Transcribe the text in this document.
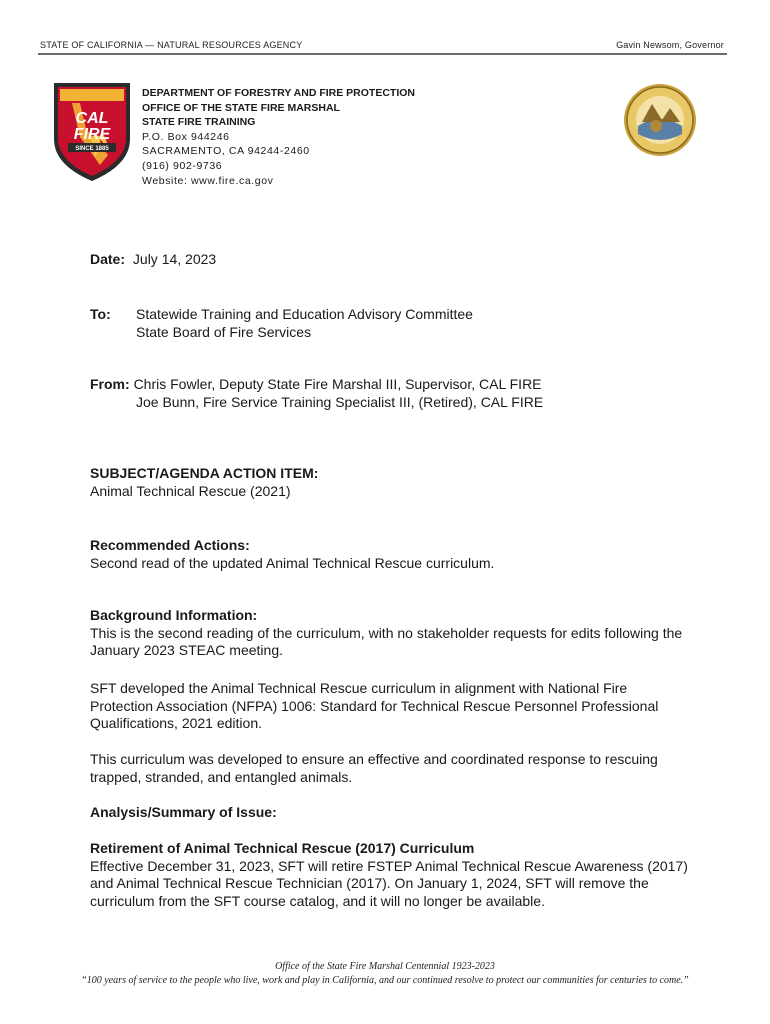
STATE OF CALIFORNIA — NATURAL RESOURCES AGENCY	Gavin Newsom, Governor
CAL
FIRE
SINCE 1885
DEPARTMENT OF FORESTRY AND FIRE PROTECTION
OFFICE OF THE STATE FIRE MARSHAL
STATE FIRE TRAINING
P.O. Box 944246
SACRAMENTO, CA 94244-2460
(916) 902-9736
Website: www.fire.ca.gov
Date: July 14, 2023
To: Statewide Training and Education Advisory Committee
State Board of Fire Services
From: Chris Fowler, Deputy State Fire Marshal III, Supervisor, CAL FIRE
Joe Bunn, Fire Service Training Specialist III, (Retired), CAL FIRE
SUBJECT/AGENDA ACTION ITEM:
Animal Technical Rescue (2021)
Recommended Actions:
Second read of the updated Animal Technical Rescue curriculum.
Background Information:
This is the second reading of the curriculum, with no stakeholder requests for edits following the
January 2023 STEAC meeting.
SFT developed the Animal Technical Rescue curriculum in alignment with National Fire
Protection Association (NFPA) 1006: Standard for Technical Rescue Personnel Professional
Qualifications, 2021 edition.
This curriculum was developed to ensure an effective and coordinated response to rescuing
trapped, stranded, and entangled animals.
Analysis/Summary of Issue:
Retirement of Animal Technical Rescue (2017) Curriculum
Effective December 31, 2023, SFT will retire FSTEP Animal Technical Rescue Awareness (2017)
and Animal Technical Rescue Technician (2017). On January 1, 2024, SFT will remove the
curriculum from the SFT course catalog, and it will no longer be available.
Office of the State Fire Marshal Centennial 1923-2023
“100 years of service to the people who live, work and play in California, and our continued resolve to protect our communities for centuries to come.”
